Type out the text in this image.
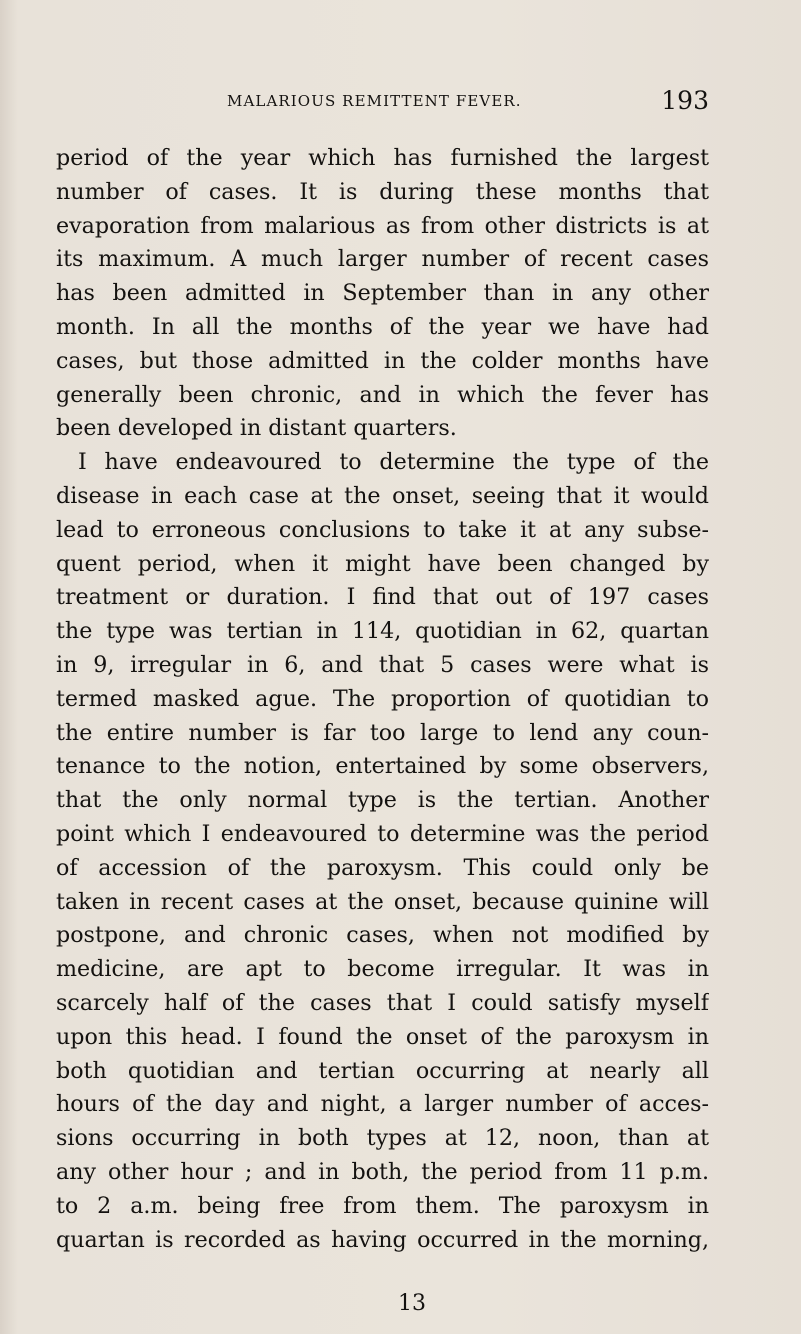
MALARIOUS REMITTENT FEVER.	193
period of the year which has furnished the largest
number of cases. It is during these months that
evaporation from malarious as from other districts is at
its maximum. A much larger number of recent cases
has been admitted in September than in any other
month. In all the months of the year we have had
cases, but those admitted in the colder months have
generally been chronic, and in which the fever has
been developed in distant quarters.
I have endeavoured to determine the type of the
disease in each case at the onset, seeing that it would
lead to erroneous conclusions to take it at any subse-
quent period, when it might have been changed by
treatment or duration. I find that out of 197 cases
the type was tertian in 114, quotidian in 62, quartan
in 9, irregular in 6, and that 5 cases were what is
termed masked ague. The proportion of quotidian to
the entire number is far too large to lend any coun-
tenance to the notion, entertained by some observers,
that the only normal type is the tertian. Another
point which I endeavoured to determine was the period
of accession of the paroxysm. This could only be
taken in recent cases at the onset, because quinine will
postpone, and chronic cases, when not modified by
medicine, are apt to become irregular. It was in
scarcely half of the cases that I could satisfy myself
upon this head. I found the onset of the paroxysm in
both quotidian and tertian occurring at nearly all
hours of the day and night, a larger number of acces-
sions occurring in both types at 12, noon, than at
any other hour ; and in both, the period from 11 p.m.
to 2 a.m. being free from them. The paroxysm in
quartan is recorded as having occurred in the morning,
13
